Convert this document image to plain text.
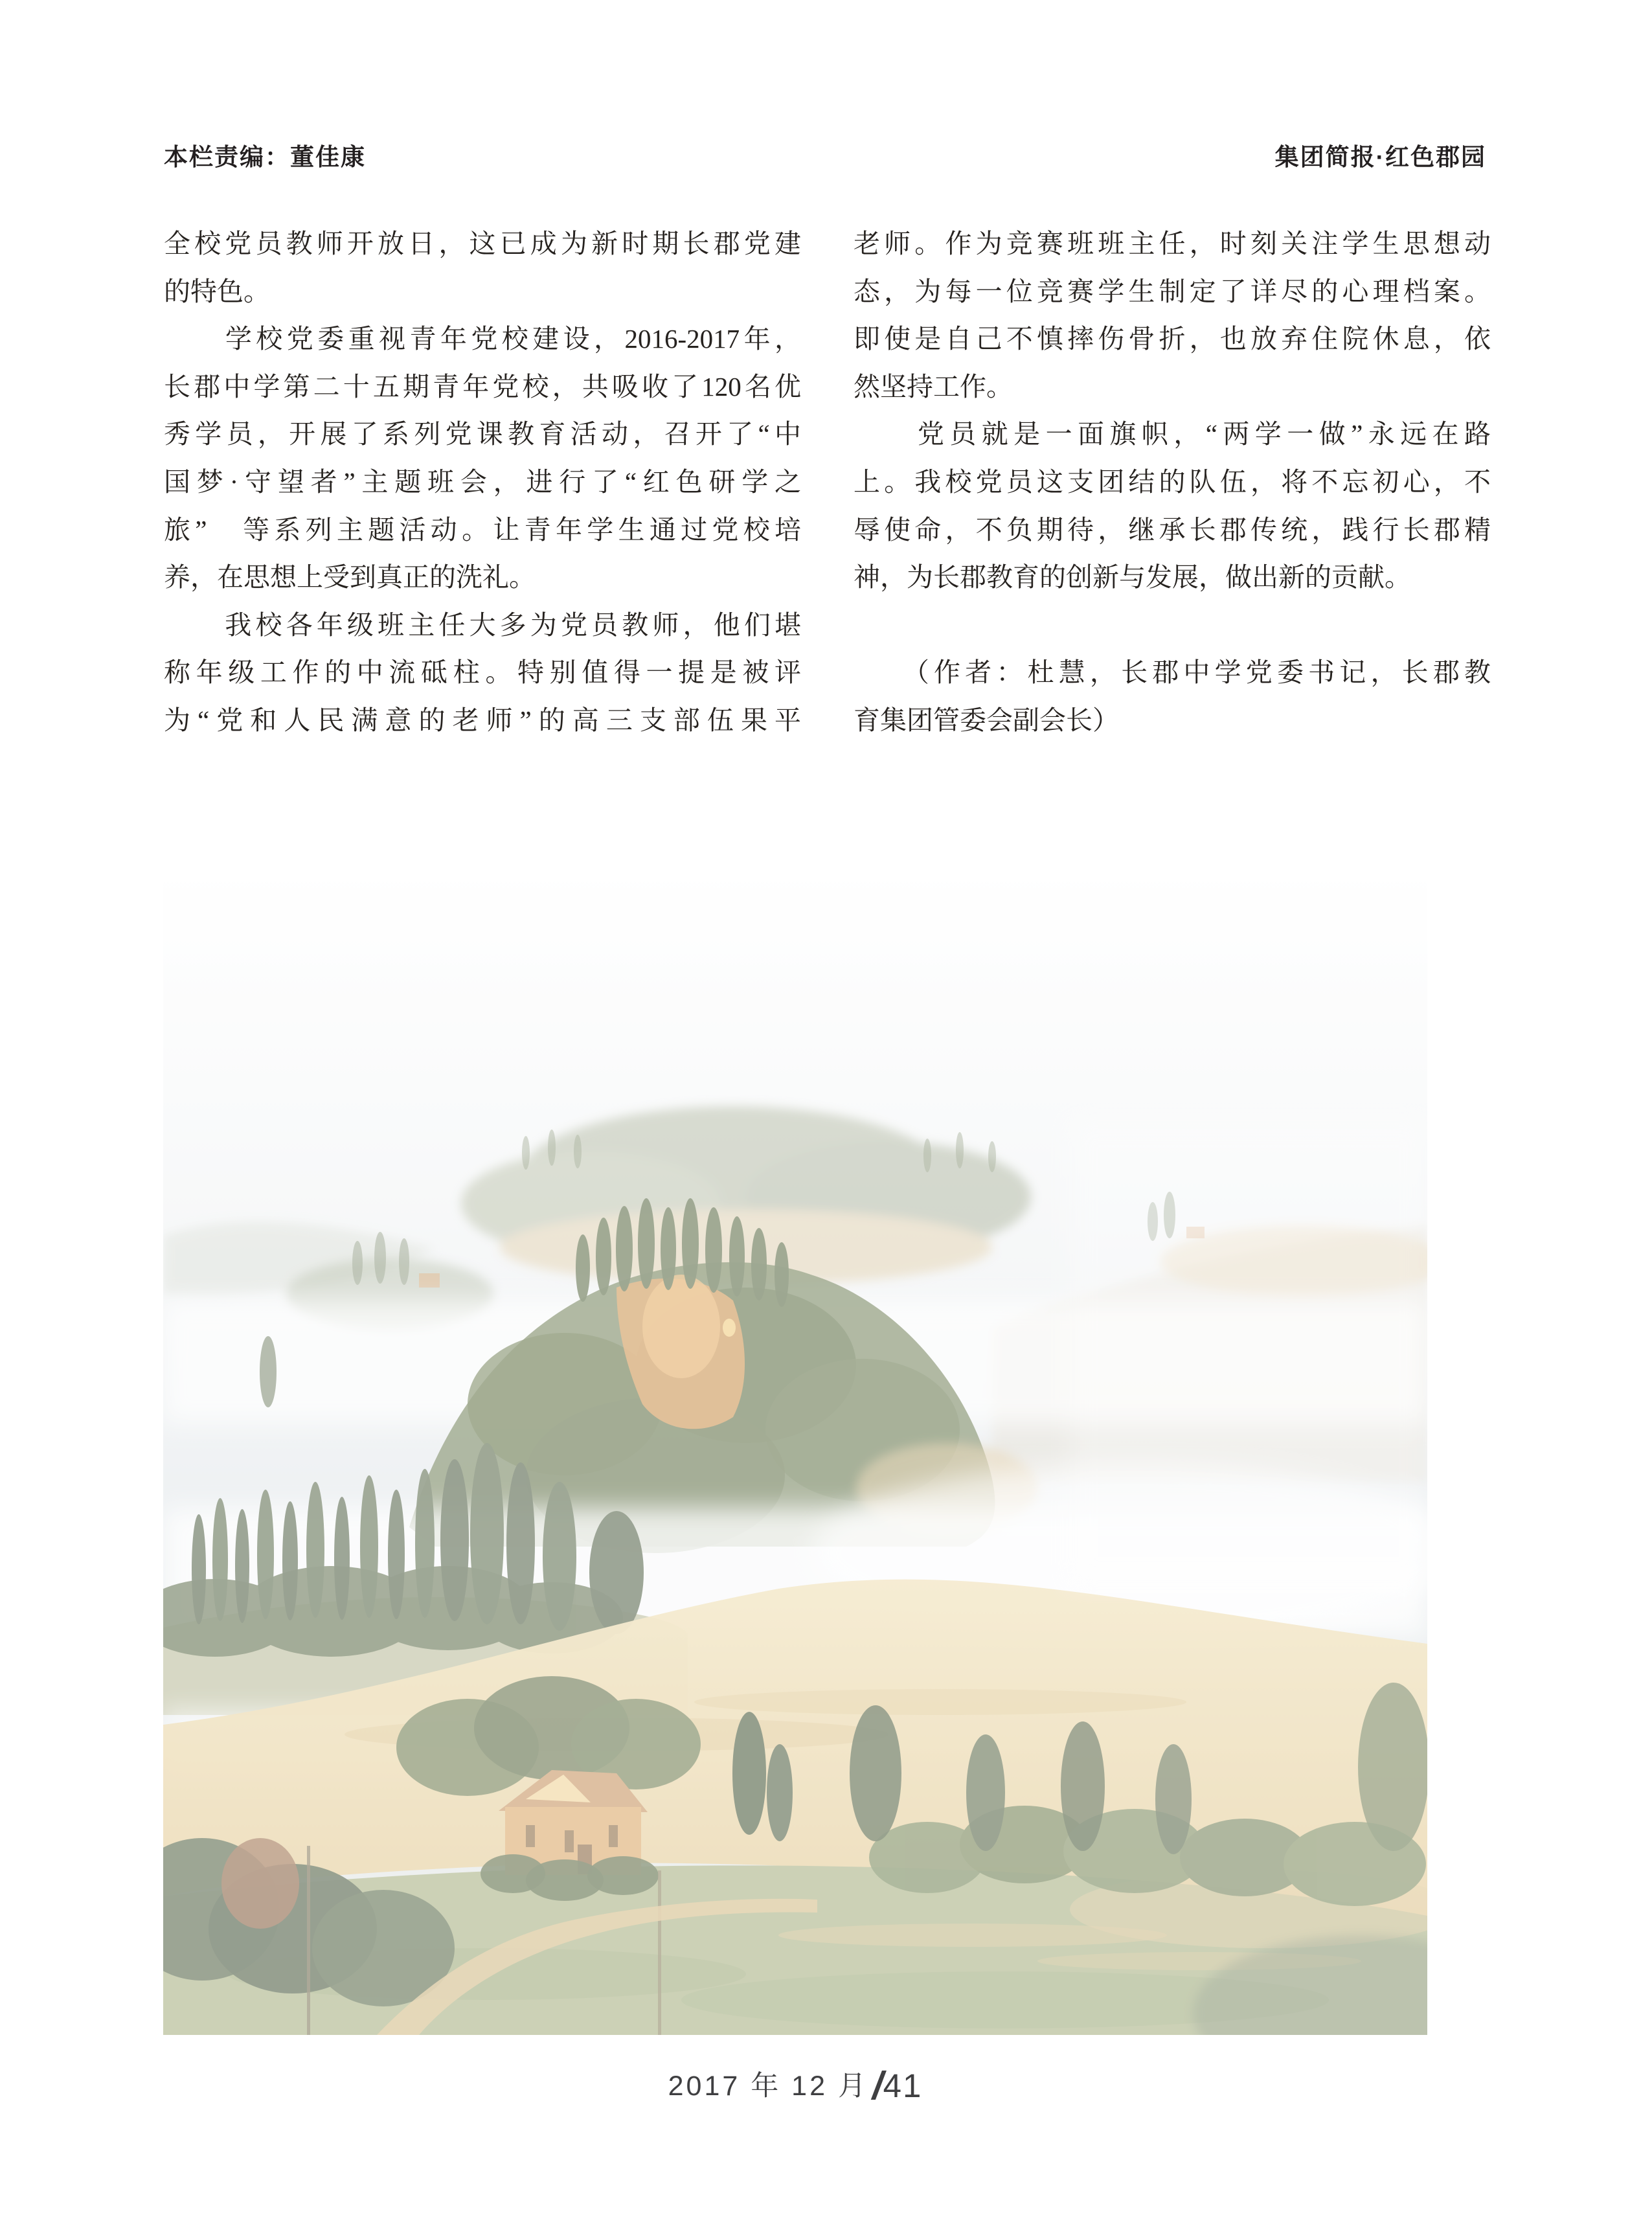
本栏责编：董佳康	集团简报·红色郡园
全校党员教师开放日，这已成为新时期长郡党建
的特色。
　　学校党委重视青年党校建设，2016-2017年，
长郡中学第二十五期青年党校，共吸收了120名优
秀学员，开展了系列党课教育活动，召开了“中
国梦·守望者”主题班会，进行了“红色研学之
旅”　等系列主题活动。让青年学生通过党校培
养，在思想上受到真正的洗礼。
　　我校各年级班主任大多为党员教师，他们堪
称年级工作的中流砥柱。特别值得一提是被评
为“党和人民满意的老师”的高三支部伍果平
老师。作为竞赛班班主任，时刻关注学生思想动
态，为每一位竞赛学生制定了详尽的心理档案。
即使是自己不慎摔伤骨折，也放弃住院休息，依
然坚持工作。
　　党员就是一面旗帜，“两学一做”永远在路
上。我校党员这支团结的队伍，将不忘初心，不
辱使命，不负期待，继承长郡传统，践行长郡精
神，为长郡教育的创新与发展，做出新的贡献。
　　（作者：杜慧，长郡中学党委书记，长郡教
育集团管委会副会长）
2017 年 12 月 /41
